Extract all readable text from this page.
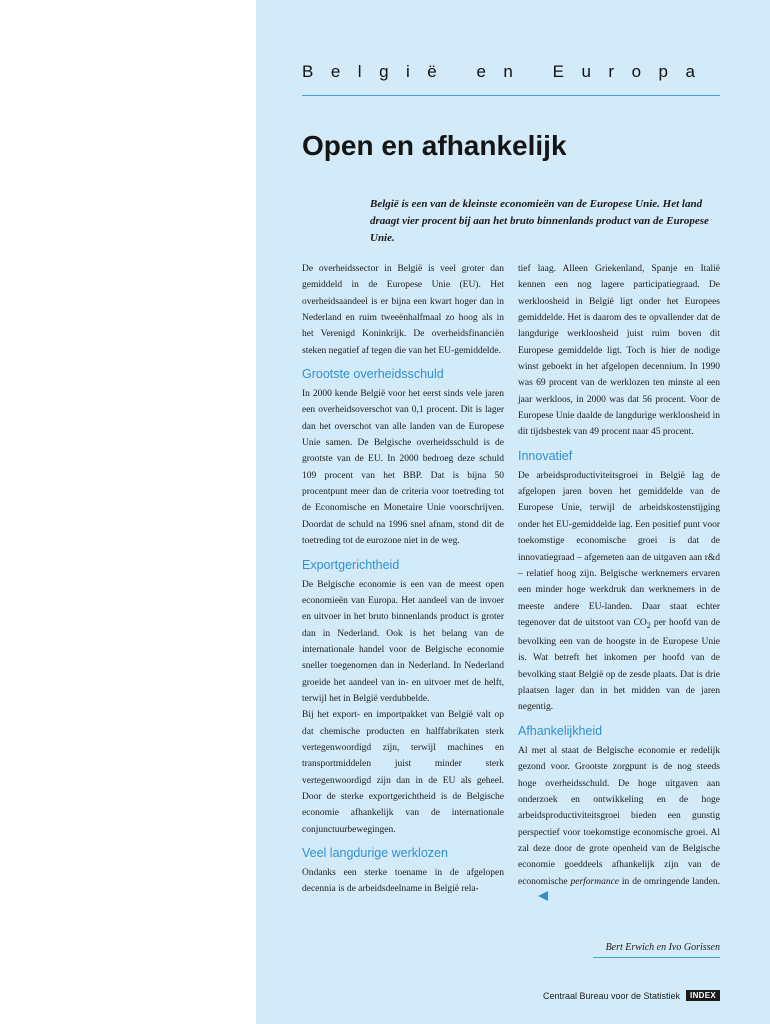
België en Europa
Open en afhankelijk
België is een van de kleinste economieën van de Europese Unie. Het land draagt vier procent bij aan het bruto binnenlands product van de Europese Unie.

De overheidssector in België is veel groter dan gemiddeld in de Europese Unie (EU). Het overheidsaandeel is er bijna een kwart hoger dan in Nederland en ruim tweeënhalfmaal zo hoog als in het Verenigd Koninkrijk. De overheidsfinanciën steken negatief af tegen die van het EU-gemiddelde.

Grootste overheidsschuld

In 2000 kende België voor het eerst sinds vele jaren een overheidsoverschot van 0,1 procent. Dit is lager dan het overschot van alle landen van de Europese Unie samen. De Belgische overheidsschuld is de grootste van de EU. In 2000 bedroeg deze schuld 109 procent van het BBP. Dat is bijna 50 procentpunt meer dan de criteria voor toetreding tot de Economische en Monetaire Unie voorschrijven. Doordat de schuld na 1996 snel afnam, stond dit de toetreding tot de eurozone niet in de weg.

Exportgerichtheid

De Belgische economie is een van de meest open economieën van Europa. Het aandeel van de invoer en uitvoer in het bruto binnenlands product is groter dan in Nederland. Ook is het belang van de internationale handel voor de Belgische economie sneller toegenomen dan in Nederland. In Nederland groeide het aandeel van in- en uitvoer met de helft, terwijl het in België verdubbelde.

Bij het export- en importpakket van België valt op dat chemische producten en halffabrikaten sterk vertegenwoordigd zijn, terwijl machines en transportmiddelen juist minder sterk vertegenwoordigd zijn dan in de EU als geheel. Door de sterke exportgerichtheid is de Belgische economie afhankelijk van de internationale conjunctuurbewegingen.

Veel langdurige werklozen

Ondanks een sterke toename in de afgelopen decennia is de arbeidsdeelname in België rela-

tief laag. Alleen Griekenland, Spanje en Italië kennen een nog lagere participatiegraad. De werkloosheid in België ligt onder het Europees gemiddelde. Het is daarom des te opvallender dat de langdurige werkloosheid juist ruim boven dit Europese gemiddelde ligt. Toch is hier de nodige winst geboekt in het afgelopen decennium. In 1990 was 69 procent van de werklozen ten minste al een jaar werkloos, in 2000 was dat 56 procent. Voor de Europese Unie daalde de langdurige werkloosheid in dit tijdsbestek van 49 procent naar 45 procent.

Innovatief

De arbeidsproductiviteitsgroei in België lag de afgelopen jaren boven het gemiddelde van de Europese Unie, terwijl de arbeidskostenstijging onder het EU-gemiddelde lag. Een positief punt voor toekomstige economische groei is dat de innovatiegraad – afgemeten aan de uitgaven aan r&d – relatief hoog zijn. Belgische werknemers ervaren een minder hoge werkdruk dan werknemers in de meeste andere EU-landen. Daar staat echter tegenover dat de uitstoot van $CO_2$ per hoofd van de bevolking een van de hoogste in de Europese Unie is. Wat betreft het inkomen per hoofd van de bevolking staat België op de zesde plaats. Dat is drie plaatsen lager dan in het midden van de jaren negentig.

Afhankelijkheid

Al met al staat de Belgische economie er redelijk gezond voor. Grootste zorgpunt is de nog steeds hoge overheidsschuld. De hoge uitgaven aan onderzoek en ontwikkeling en de hoge arbeidsproductiviteitsgroei bieden een gunstig perspectief voor toekomstige economische groei. Al zal deze door de grote openheid van de Belgische economie goeddeels afhankelijk zijn van de economische performance in de omringende landen.

Bert Erwich en Ivo Gorissen
Centraal Bureau voor de Statistiek	INDEX
